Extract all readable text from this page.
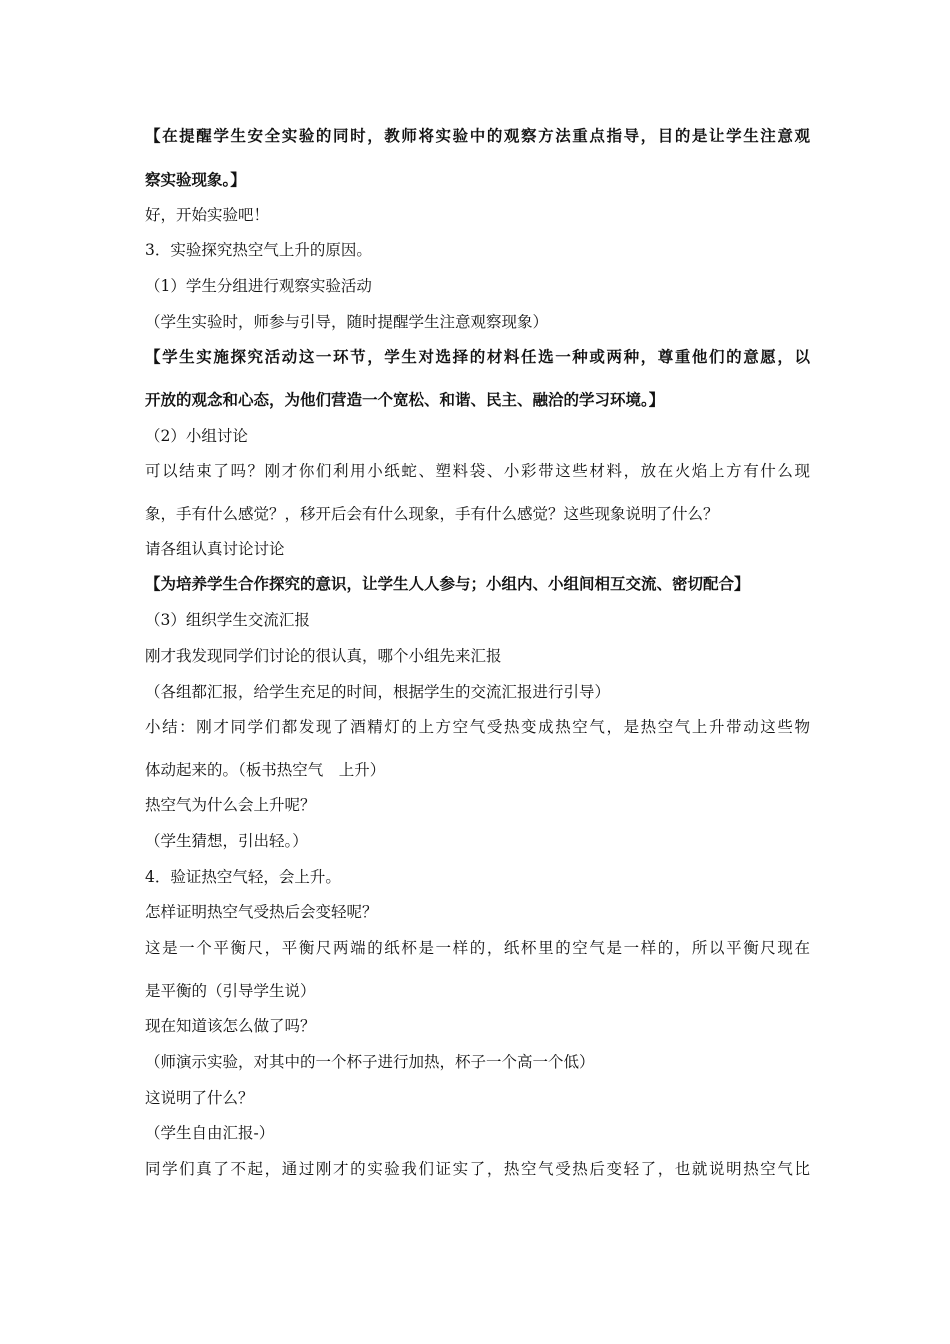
【在提醒学生安全实验的同时，教师将实验中的观察方法重点指导，目的是让学生注意观
察实验现象。】
好，开始实验吧！
3．实验探究热空气上升的原因。
（1）学生分组进行观察实验活动
（学生实验时，师参与引导，随时提醒学生注意观察现象）
【学生实施探究活动这一环节，学生对选择的材料任选一种或两种，尊重他们的意愿，以
开放的观念和心态，为他们营造一个宽松、和谐、民主、融洽的学习环境。】
（2）小组讨论
可以结束了吗？刚才你们利用小纸蛇、塑料袋、小彩带这些材料，放在火焰上方有什么现
象，手有什么感觉？，移开后会有什么现象，手有什么感觉？这些现象说明了什么？
请各组认真讨论讨论
【为培养学生合作探究的意识，让学生人人参与；小组内、小组间相互交流、密切配合】
（3）组织学生交流汇报
刚才我发现同学们讨论的很认真，哪个小组先来汇报
（各组都汇报，给学生充足的时间，根据学生的交流汇报进行引导）
小结：刚才同学们都发现了酒精灯的上方空气受热变成热空气，是热空气上升带动这些物
体动起来的。（板书热空气　上升）
热空气为什么会上升呢？
（学生猜想，引出轻。）
4．验证热空气轻，会上升。
怎样证明热空气受热后会变轻呢？
这是一个平衡尺，平衡尺两端的纸杯是一样的，纸杯里的空气是一样的，所以平衡尺现在
是平衡的（引导学生说）
现在知道该怎么做了吗？
（师演示实验，对其中的一个杯子进行加热，杯子一个高一个低）
这说明了什么？
（学生自由汇报-）
同学们真了不起，通过刚才的实验我们证实了，热空气受热后变轻了，也就说明热空气比
